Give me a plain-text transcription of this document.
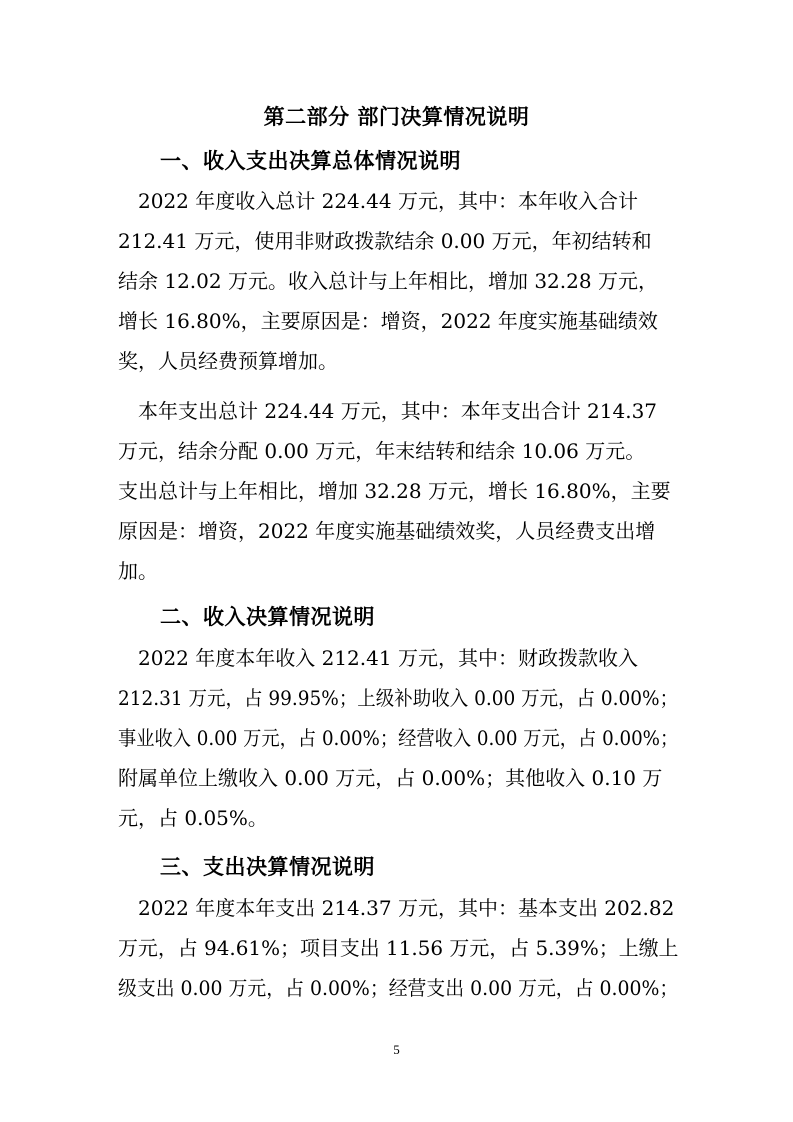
第二部分 部门决算情况说明
一、收入支出决算总体情况说明
　2022 年度收入总计 224.44 万元，其中：本年收入合计
212.41 万元，使用非财政拨款结余 0.00 万元，年初结转和
结余 12.02 万元。收入总计与上年相比，增加 32.28 万元，
增长 16.80%，主要原因是：增资，2022 年度实施基础绩效
奖，人员经费预算增加。
　本年支出总计 224.44 万元，其中：本年支出合计 214.37
万元，结余分配 0.00 万元，年末结转和结余 10.06 万元。
支出总计与上年相比，增加 32.28 万元，增长 16.80%，主要
原因是：增资，2022 年度实施基础绩效奖，人员经费支出增
加。
二、收入决算情况说明
　2022 年度本年收入 212.41 万元，其中：财政拨款收入
212.31 万元，占 99.95%；上级补助收入 0.00 万元，占 0.00%；
事业收入 0.00 万元，占 0.00%；经营收入 0.00 万元，占 0.00%；
附属单位上缴收入 0.00 万元，占 0.00%；其他收入 0.10 万
元，占 0.05%。
三、支出决算情况说明
　2022 年度本年支出 214.37 万元，其中：基本支出 202.82
万元，占 94.61%；项目支出 11.56 万元，占 5.39%；上缴上
级支出 0.00 万元，占 0.00%；经营支出 0.00 万元，占 0.00%；
5
